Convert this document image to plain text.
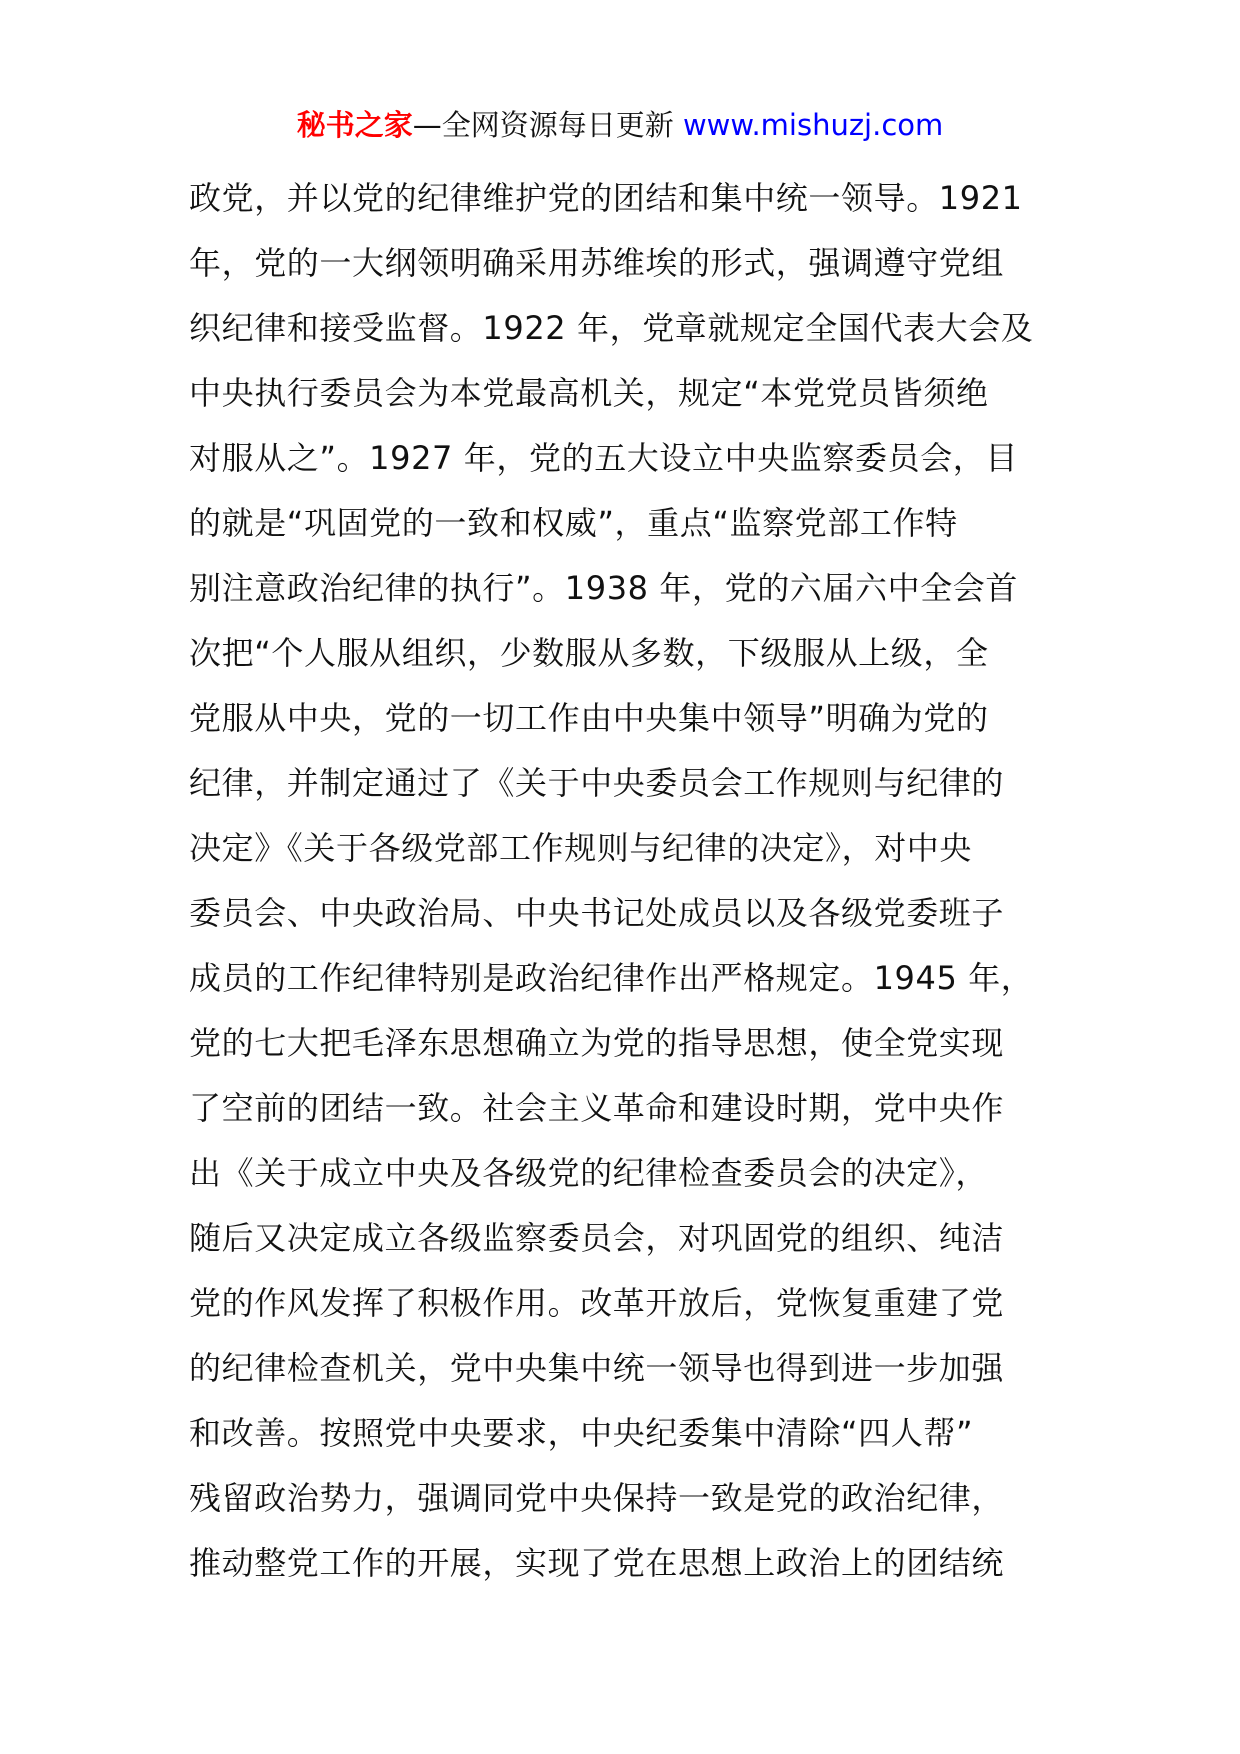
秘书之家—全网资源每日更新 www.mishuzj.com
政党，并以党的纪律维护党的团结和集中统一领导。1921
年，党的一大纲领明确采用苏维埃的形式，强调遵守党组
织纪律和接受监督。1922 年，党章就规定全国代表大会及
中央执行委员会为本党最高机关，规定“本党党员皆须绝
对服从之”。1927 年，党的五大设立中央监察委员会，目
的就是“巩固党的一致和权威”，重点“监察党部工作特
别注意政治纪律的执行”。1938 年，党的六届六中全会首
次把“个人服从组织，少数服从多数，下级服从上级，全
党服从中央，党的一切工作由中央集中领导”明确为党的
纪律，并制定通过了《关于中央委员会工作规则与纪律的
决定》《关于各级党部工作规则与纪律的决定》，对中央
委员会、中央政治局、中央书记处成员以及各级党委班子
成员的工作纪律特别是政治纪律作出严格规定。1945 年，
党的七大把毛泽东思想确立为党的指导思想，使全党实现
了空前的团结一致。社会主义革命和建设时期，党中央作
出《关于成立中央及各级党的纪律检查委员会的决定》，
随后又决定成立各级监察委员会，对巩固党的组织、纯洁
党的作风发挥了积极作用。改革开放后，党恢复重建了党
的纪律检查机关，党中央集中统一领导也得到进一步加强
和改善。按照党中央要求，中央纪委集中清除“四人帮”
残留政治势力，强调同党中央保持一致是党的政治纪律，
推动整党工作的开展，实现了党在思想上政治上的团结统
